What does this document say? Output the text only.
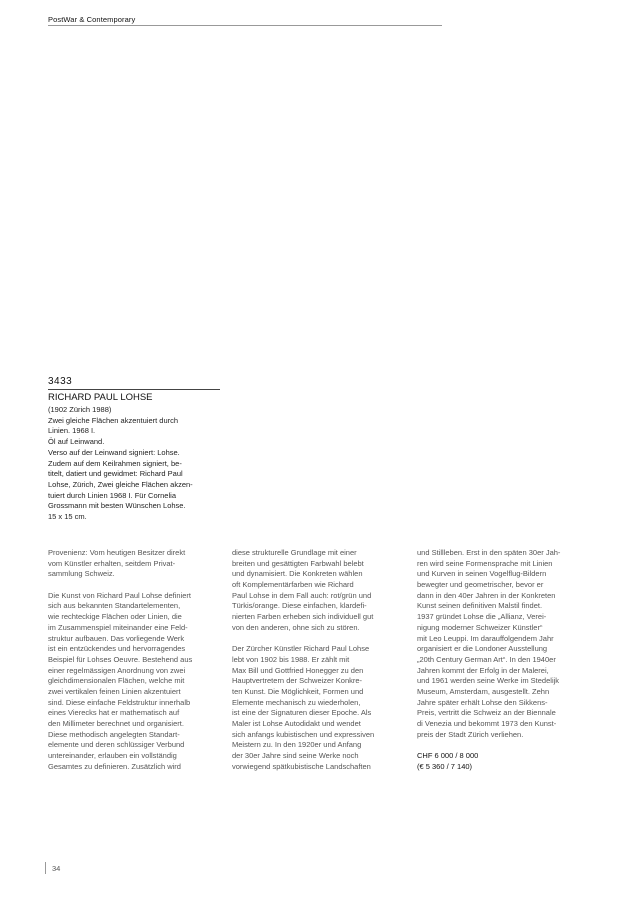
PostWar & Contemporary
3433
RICHARD PAUL LOHSE
(1902 Zürich 1988)
Zwei gleiche Flächen akzentuiert durch
Linien. 1968 I.
Öl auf Leinwand.
Verso auf der Leinwand signiert: Lohse.
Zudem auf dem Keilrahmen signiert, be-
titelt, datiert und gewidmet: Richard Paul
Lohse, Zürich, Zwei gleiche Flächen akzen-
tuiert durch Linien 1968 I. Für Cornelia
Grossmann mit besten Wünschen Lohse.
15 x 15 cm.
Provenienz: Vom heutigen Besitzer direkt
vom Künstler erhalten, seitdem Privat-
sammlung Schweiz.
Die Kunst von Richard Paul Lohse definiert
sich aus bekannten Standartelementen,
wie rechteckige Flächen oder Linien, die
im Zusammenspiel miteinander eine Feld-
struktur aufbauen. Das vorliegende Werk
ist ein entzückendes und hervorragendes
Beispiel für Lohses Oeuvre. Bestehend aus
einer regelmässigen Anordnung von zwei
gleichdimensionalen Flächen, welche mit
zwei vertikalen feinen Linien akzentuiert
sind. Diese einfache Feldstruktur innerhalb
eines Vierecks hat er mathematisch auf
den Millimeter berechnet und organisiert.
Diese methodisch angelegten Standart-
elemente und deren schlüssiger Verbund
untereinander, erlauben ein vollständig
Gesamtes zu definieren. Zusätzlich wird
diese strukturelle Grundlage mit einer
breiten und gesättigten Farbwahl belebt
und dynamisiert. Die Konkreten wählen
oft Komplementärfarben wie Richard
Paul Lohse in dem Fall auch: rot/grün und
Türkis/orange. Diese einfachen, klardefi-
nierten Farben erheben sich individuell gut
von den anderen, ohne sich zu stören.
Der Zürcher Künstler Richard Paul Lohse
lebt von 1902 bis 1988. Er zählt mit
Max Bill und Gottfried Honegger zu den
Hauptvertretern der Schweizer Konkre-
ten Kunst. Die Möglichkeit, Formen und
Elemente mechanisch zu wiederholen,
ist eine der Signaturen dieser Epoche. Als
Maler ist Lohse Autodidakt und wendet
sich anfangs kubistischen und expressiven
Meistern zu. In den 1920er und Anfang
der 30er Jahre sind seine Werke noch
vorwiegend spätkubistische Landschaften
und Stillleben. Erst in den späten 30er Jah-
ren wird seine Formensprache mit Linien
und Kurven in seinen Vogelflug-Bildern
bewegter und geometrischer, bevor er
dann in den 40er Jahren in der Konkreten
Kunst seinen definitiven Malstil findet.
1937 gründet Lohse die „Allianz, Verei-
nigung moderner Schweizer Künstler“
mit Leo Leuppi. Im darauffolgendem Jahr
organisiert er die Londoner Ausstellung
„20th Century German Art“. In den 1940er
Jahren kommt der Erfolg in der Malerei,
und 1961 werden seine Werke im Stedelijk
Museum, Amsterdam, ausgestellt. Zehn
Jahre später erhält Lohse den Sikkens-
Preis, vertritt die Schweiz an der Biennale
di Venezia und bekommt 1973 den Kunst-
preis der Stadt Zürich verliehen.
CHF 6 000 / 8 000
(€ 5 360 / 7 140)
34
